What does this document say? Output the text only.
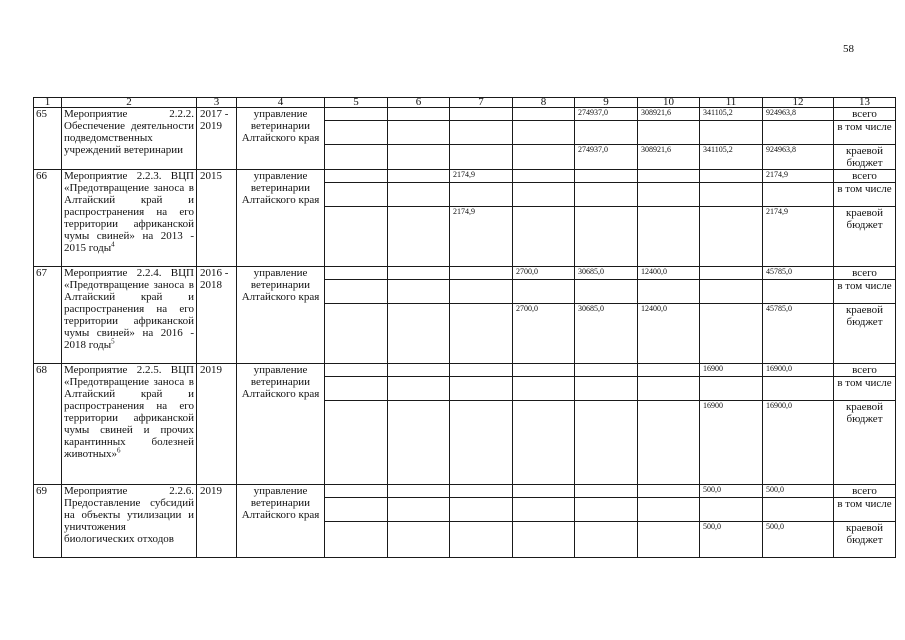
58
1	2	3	4	5	6	7	8	9	10	11	12	13
65	Мероприятие 2.2.2. Обеспечение деятельности подведомственных учреждений ветеринарии	2017 - 2019	управление ветеринарии Алтайского края					274937,0	308921,6	341105,2	924963,8	всего
												в том числе
								274937,0	308921,6	341105,2	924963,8	краевой бюджет
66	Мероприятие 2.2.3. ВЦП «Предотвращение заноса в Алтайский край и распространения на его территории африканской чумы свиней» на 2013 - 2015 годы$^4$	2015	управление ветеринарии Алтайского края			2174,9					2174,9	всего
												в том числе
						2174,9					2174,9	краевой бюджет
67	Мероприятие 2.2.4. ВЦП «Предотвращение заноса в Алтайский край и распространения на его территории африканской чумы свиней» на 2016 - 2018 годы$^5$	2016 - 2018	управление ветеринарии Алтайского края				2700,0	30685,0	12400,0		45785,0	всего
												в том числе
							2700,0	30685,0	12400,0		45785,0	краевой бюджет
68	Мероприятие 2.2.5. ВЦП «Предотвращение заноса в Алтайский край и распространения на его территории африканской чумы свиней и прочих карантинных болезней животных»$^6$	2019	управление ветеринарии Алтайского края							16900	16900,0	всего
												в том числе
										16900	16900,0	краевой бюджет
69	Мероприятие 2.2.6. Предоставление субсидий на объекты утилизации и уничтожения биологических отходов	2019	управление ветеринарии Алтайского края							500,0	500,0	всего
												в том числе
										500,0	500,0	краевой бюджет
